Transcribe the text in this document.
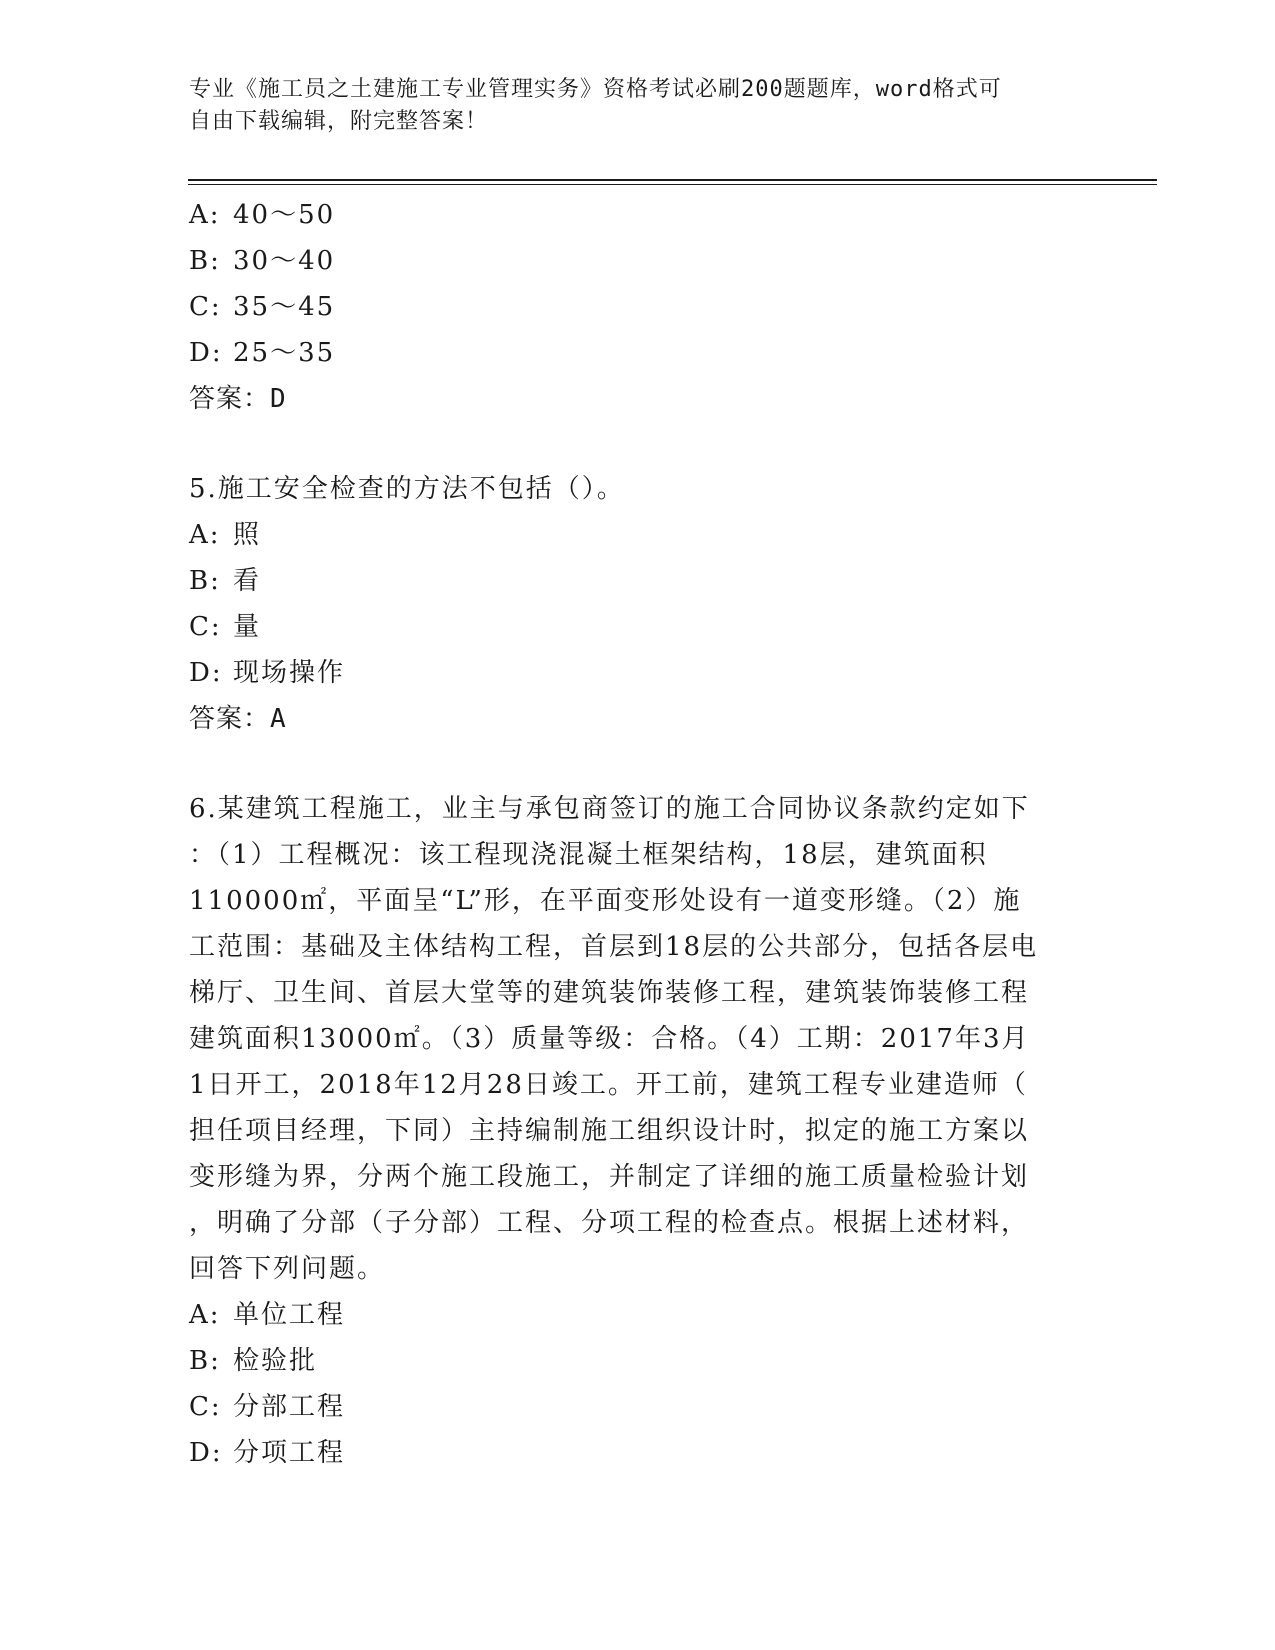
专业《施工员之土建施工专业管理实务》资格考试必刷200题题库，word格式可
自由下载编辑，附完整答案！
A: 40～50
B: 30～40
C: 35～45
D: 25～35
答案：D
5.施工安全检查的方法不包括（）。
A: 照
B: 看
C: 量
D: 现场操作
答案：A
6.某建筑工程施工，业主与承包商签订的施工合同协议条款约定如下
：（1）工程概况：该工程现浇混凝土框架结构，18层，建筑面积
110000㎡，平面呈“L”形，在平面变形处设有一道变形缝。（2）施
工范围：基础及主体结构工程，首层到18层的公共部分，包括各层电
梯厅、卫生间、首层大堂等的建筑装饰装修工程，建筑装饰装修工程
建筑面积13000㎡。（3）质量等级：合格。（4）工期：2017年3月
1日开工，2018年12月28日竣工。开工前，建筑工程专业建造师（
担任项目经理，下同）主持编制施工组织设计时，拟定的施工方案以
变形缝为界，分两个施工段施工，并制定了详细的施工质量检验计划
，明确了分部（子分部）工程、分项工程的检查点。根据上述材料，
回答下列问题。
A: 单位工程
B: 检验批
C: 分部工程
D: 分项工程
